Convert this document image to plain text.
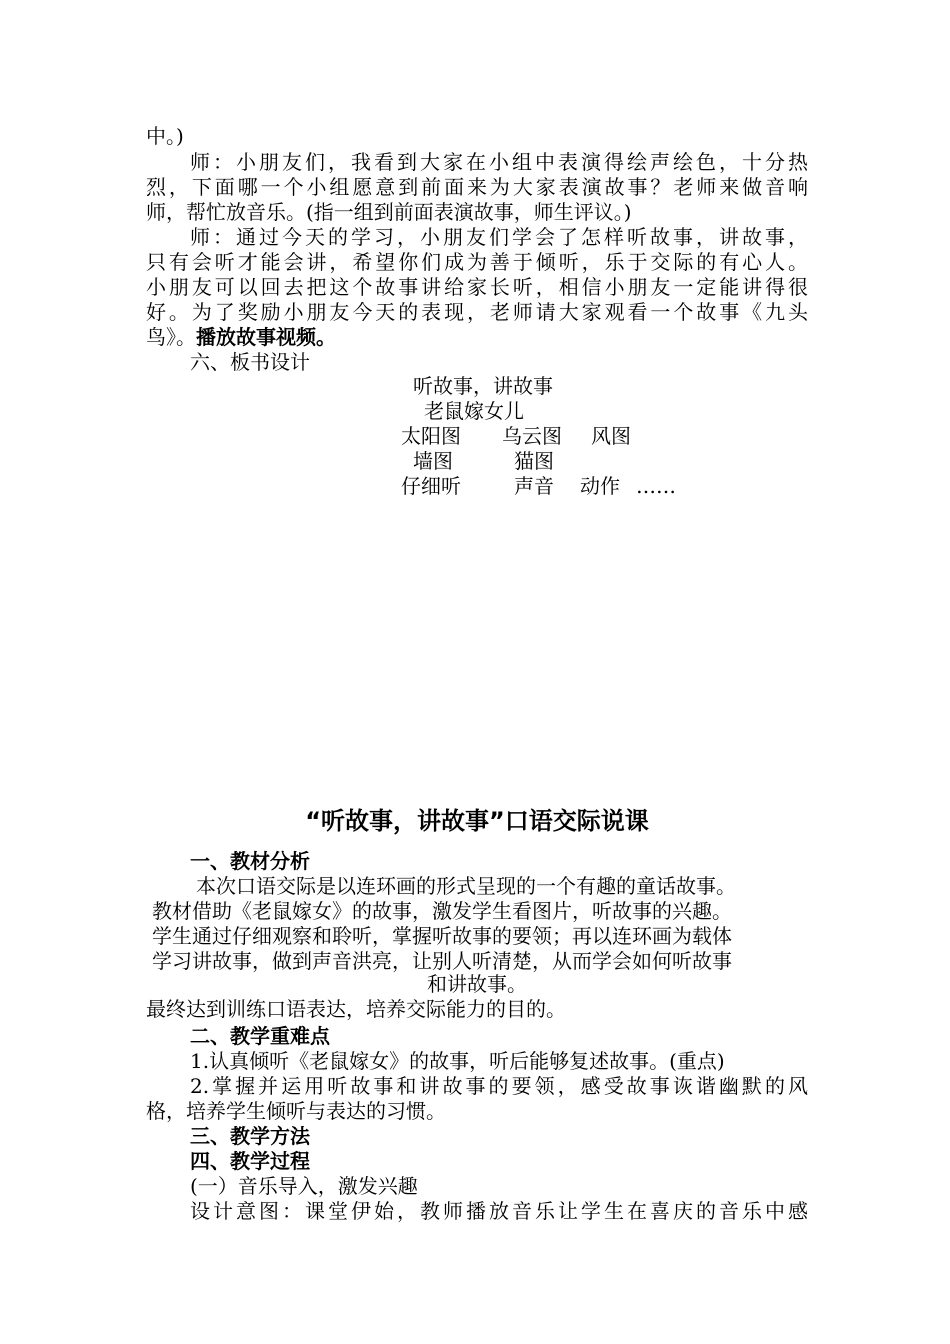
中。)
师：小朋友们，我看到大家在小组中表演得绘声绘色，十分热
烈，下面哪一个小组愿意到前面来为大家表演故事？老师来做音响
师，帮忙放音乐。(指一组到前面表演故事，师生评议。)
师：通过今天的学习，小朋友们学会了怎样听故事，讲故事，
只有会听才能会讲，希望你们成为善于倾听，乐于交际的有心人。
小朋友可以回去把这个故事讲给家长听，相信小朋友一定能讲得很
好。为了奖励小朋友今天的表现，老师请大家观看一个故事《九头
鸟》。播放故事视频。
六、板书设计
听故事，讲故事
老鼠嫁女儿
太阳图 乌云图 风图
墙图	猫图
仔细听	声音 动作 ……
“听故事，讲故事”口语交际说课
一、教材分析
本次口语交际是以连环画的形式呈现的一个有趣的童话故事。
教材借助《老鼠嫁女》的故事，激发学生看图片，听故事的兴趣。
学生通过仔细观察和聆听，掌握听故事的要领；再以连环画为载体
学习讲故事，做到声音洪亮，让别人听清楚，从而学会如何听故事
和讲故事。
最终达到训练口语表达，培养交际能力的目的。
二、教学重难点
1.认真倾听《老鼠嫁女》的故事，听后能够复述故事。(重点)
2.掌握并运用听故事和讲故事的要领，感受故事诙谐幽默的风
格，培养学生倾听与表达的习惯。
三、教学方法
四、教学过程
(一）音乐导入，激发兴趣
设计意图：课堂伊始，教师播放音乐让学生在喜庆的音乐中感
